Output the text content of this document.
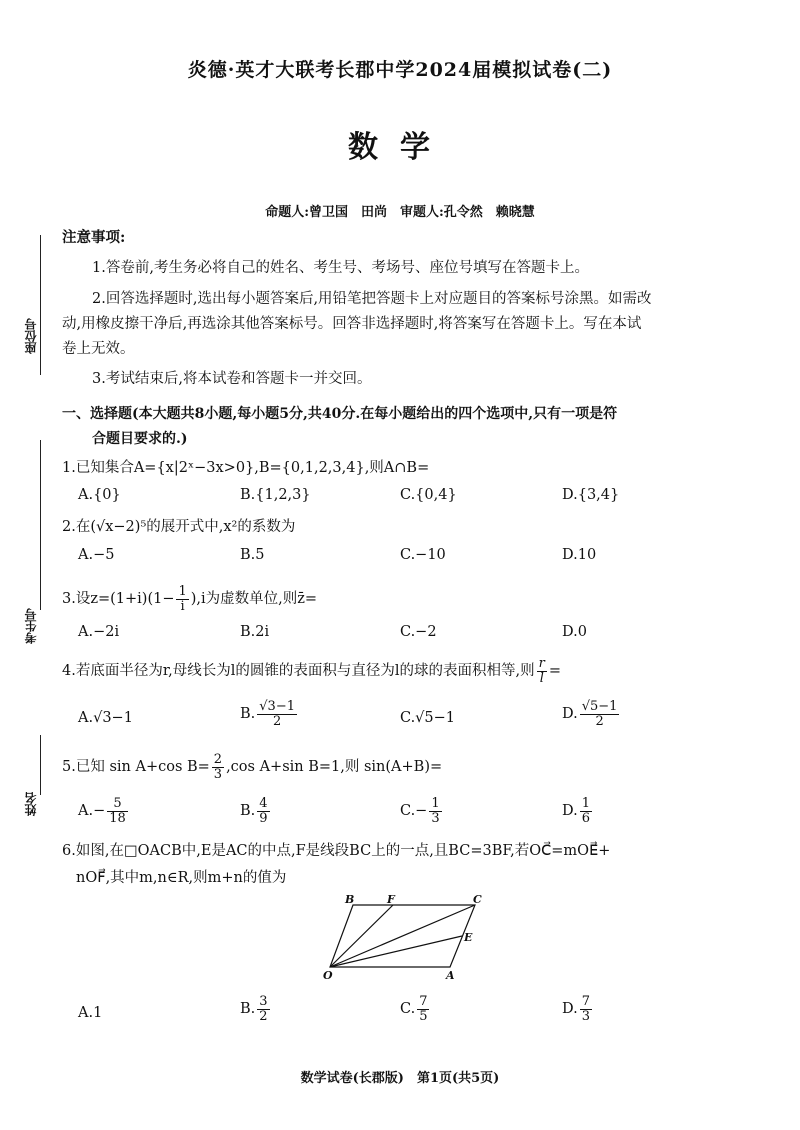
炎德·英才大联考长郡中学2024届模拟试卷(二)
数学
命题人:曾卫国　田尚　审题人:孔令然　赖晓慧
座位号
考生号
姓名
注意事项:
1.答卷前,考生务必将自己的姓名、考生号、考场号、座位号填写在答题卡上。
2.回答选择题时,选出每小题答案后,用铅笔把答题卡上对应题目的答案标号涂黑。如需改
动,用橡皮擦干净后,再选涂其他答案标号。回答非选择题时,将答案写在答题卡上。写在本试
卷上无效。
3.考试结束后,将本试卷和答题卡一并交回。
一、选择题(本大题共8小题,每小题5分,共40分.在每小题给出的四个选项中,只有一项是符
合题目要求的.)
1.已知集合A={x|2ˣ−3x>0},B={0,1,2,3,4},则A∩B=
A.{0}	B.{1,2,3}	C.{0,4}	D.{3,4}
2.在(√x−2)⁵的展开式中,x²的系数为
A.−5	B.5	C.−10	D.10
3.设$z=(1+i)(1- \frac{1}{i} ),i$为虚数单位,则z̄=
A.−2i	B.2i	C.−2	D.0
4.若底面半径为r,母线长为l的圆锥的表面积与直径为l的球的表面积相等,则 $\frac{r}{l}$ =
A.√3−1	B. $\frac{√3-1}{2}$	C.√5−1	D. $\frac{√5-1}{2}$
5.已知 sin A+cos $B= \frac{2}{3} ,\cos$ A+sin B=1,则 sin(A+B)=
$A.- \frac{5}{18}$	B. $\frac{4}{9}$	$C.- \frac{1}{3}$	D. $\frac{1}{6}$
6.如图,在□OACB中,E是AC的中点,F是线段BC上的一点,且BC=3BF,若OC⃗=mOE⃗+
nOF⃗,其中m,n∈R,则m+n的值为
B	F	C
E
O	A
A.1	B. $\frac{3}{2}$	C. $\frac{7}{5}$	D. $\frac{7}{3}$
数学试卷(长郡版)　第1页(共5页)
